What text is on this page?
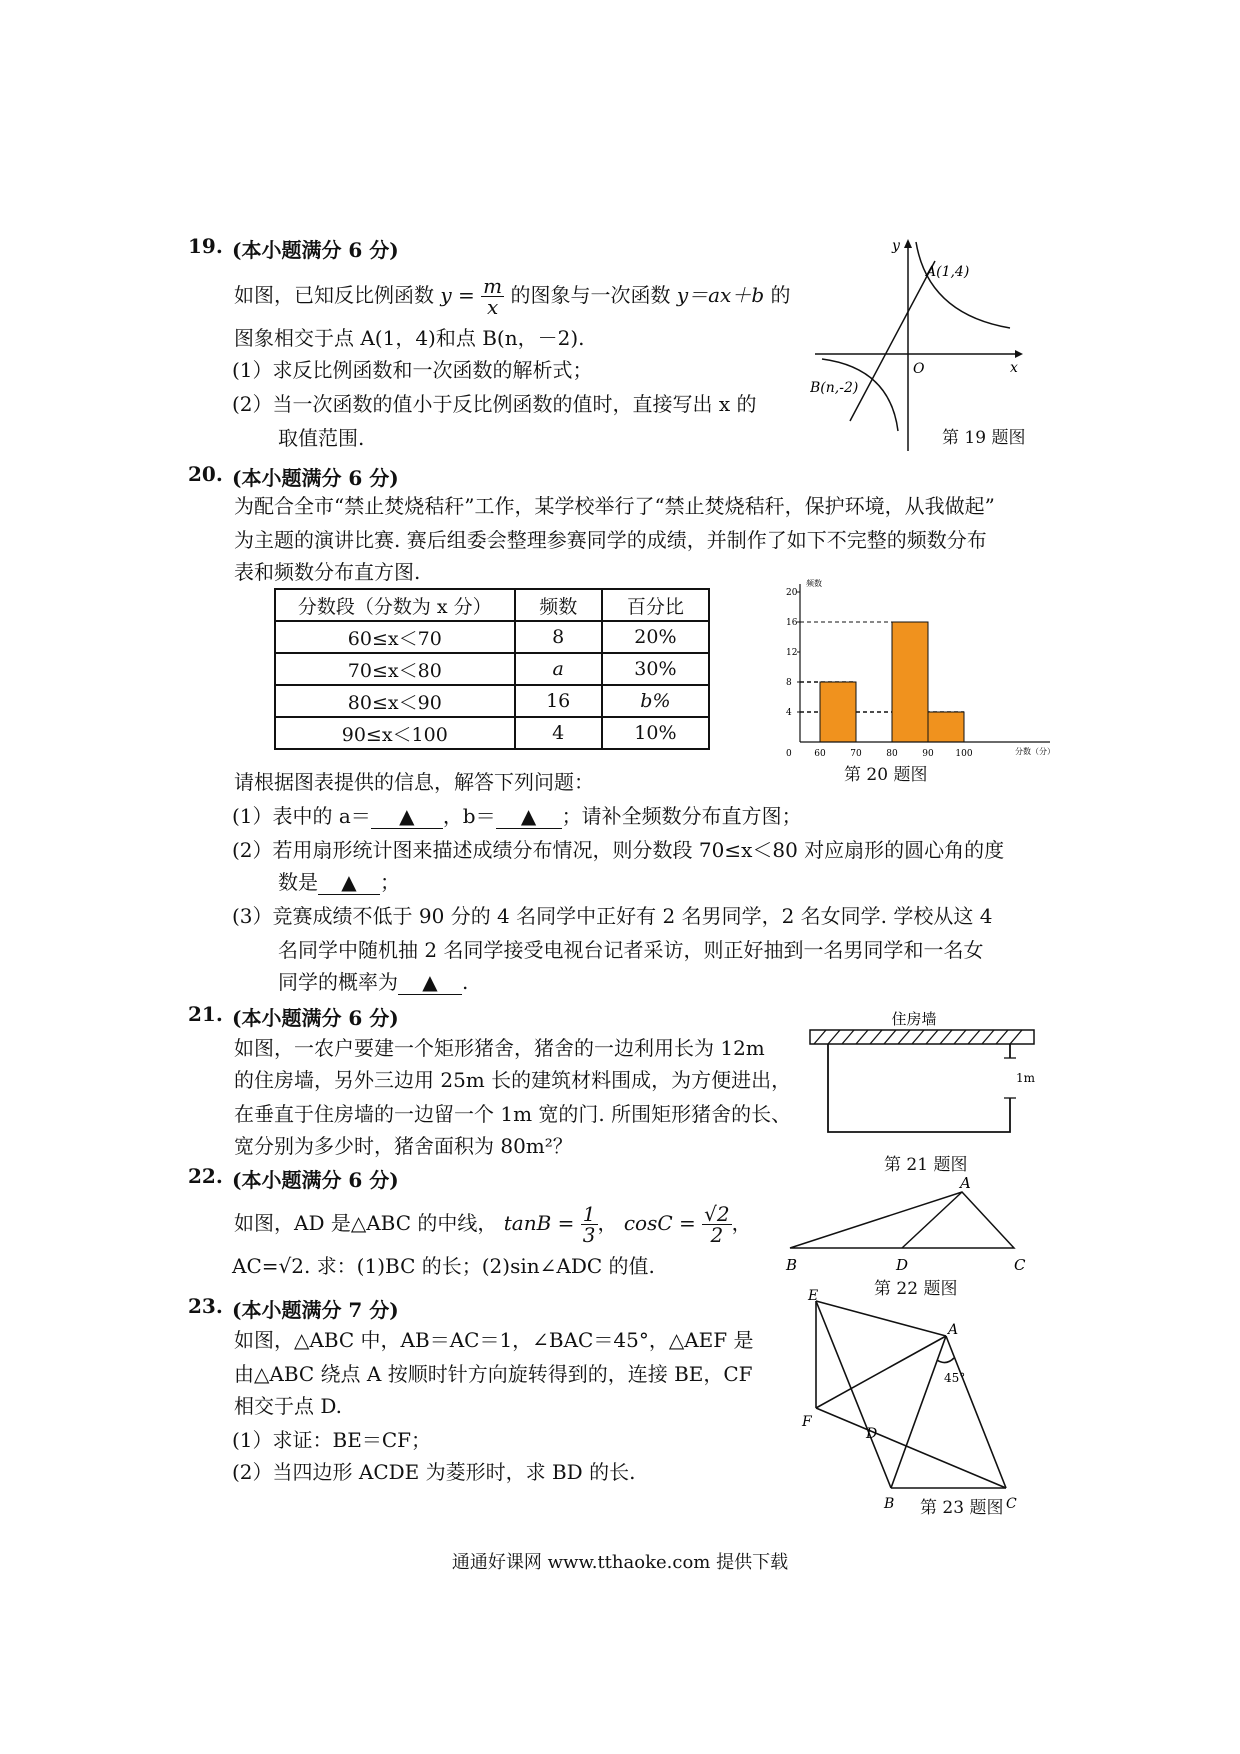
19. (本小题满分 6 分)
如图，已知反比例函数 $y = \frac{m}{x}$ 的图象与一次函数 y＝ax＋b 的
图象相交于点 A(1，4)和点 B(n，－2).
(1）求反比例函数和一次函数的解析式；
(2）当一次函数的值小于反比例函数的值时，直接写出 x 的
取值范围.
y
x
O
A(1,4)
B(n,-2)
第 19 题图
20. (本小题满分 6 分)
为配合全市“禁止焚烧秸秆”工作，某学校举行了“禁止焚烧秸秆，保护环境，从我做起”
为主题的演讲比赛. 赛后组委会整理参赛同学的成绩，并制作了如下不完整的频数分布
表和频数分布直方图.
分数段（分数为 x 分）	频数	百分比
60≤x＜70	8	20%
70≤x＜80	a	30%
80≤x＜90	16	b%
90≤x＜100	4	10%
频数
分数（分）
4
8
12
16
20
0	60	70	80	90 100
第 20 题图
请根据图表提供的信息，解答下列问题：
(1）表中的 a＝ ▲ ，b＝ ▲ ；请补全频数分布直方图；
(2）若用扇形统计图来描述成绩分布情况，则分数段 70≤x＜80 对应扇形的圆心角的度
数是 ▲ ；
(3）竞赛成绩不低于 90 分的 4 名同学中正好有 2 名男同学，2 名女同学. 学校从这 4
名同学中随机抽 2 名同学接受电视台记者采访，则正好抽到一名男同学和一名女
同学的概率为 ▲ .
21. (本小题满分 6 分)
如图，一农户要建一个矩形猪舍，猪舍的一边利用长为 12m
的住房墙，另外三边用 25m 长的建筑材料围成，为方便进出，
在垂直于住房墙的一边留一个 1m 宽的门. 所围矩形猪舍的长、
宽分别为多少时，猪舍面积为 80m²？
住房墙
1m
第 21 题图
22. (本小题满分 6 分)
如图，AD 是△ABC 的中线， $\tan B = \frac{1}{3}$ ， $\cos C = \frac{√2}{2}$ ，
AC=√2. 求：(1)BC 的长；(2)sin∠ADC 的值.
A
B	D	C
第 22 题图
23. (本小题满分 7 分)
如图，△ABC 中，AB＝AC＝1，∠BAC＝45°，△AEF 是
由△ABC 绕点 A 按顺时针方向旋转得到的，连接 BE，CF
相交于点 D.
(1）求证：BE＝CF；
(2）当四边形 ACDE 为菱形时，求 BD 的长.
E
A
45°
F
D
B	C
第 23 题图
通通好课网 www.tthaoke.com 提供下载
